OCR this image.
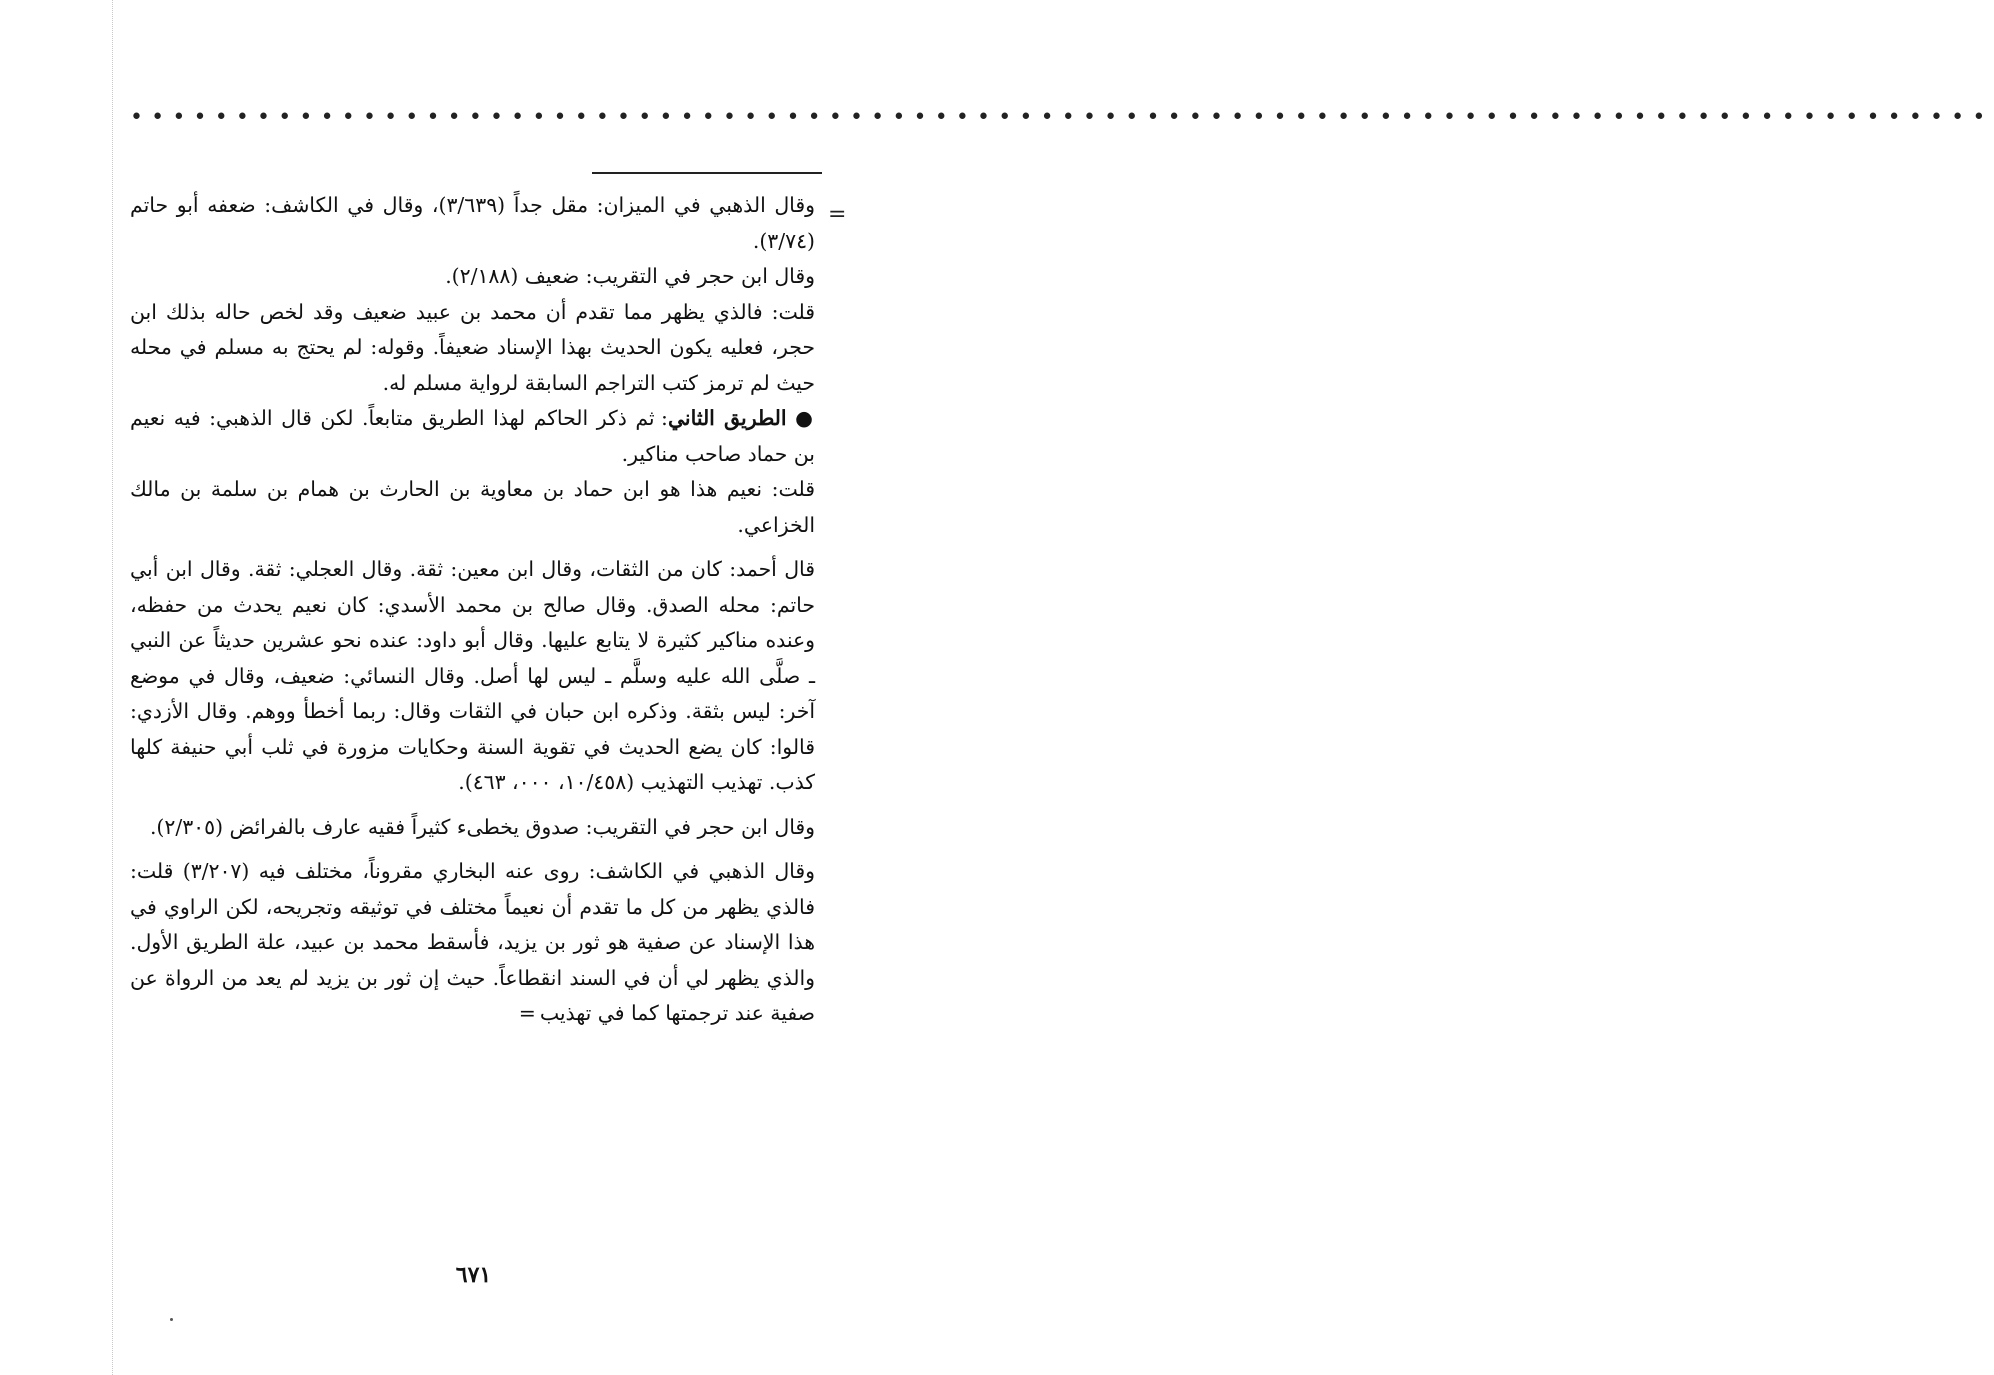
••••••••••••••••••••••••••••••••••••••••••••••••••••••••••••••••••••••••••••••••••••••••
=

وقال الذهبي في الميزان: مقل جداً (٣/٦٣٩)، وقال في الكاشف: ضعفه أبو حاتم (٣/٧٤).

وقال ابن حجر في التقريب: ضعيف (٢/١٨٨).

قلت: فالذي يظهر مما تقدم أن محمد بن عبيد ضعيف وقد لخص حاله بذلك ابن حجر، فعليه يكون الحديث بهذا الإسناد ضعيفاً. وقوله: لم يحتج به مسلم في محله حيث لم ترمز كتب التراجم السابقة لرواية مسلم له.

● الطريق الثاني: ثم ذكر الحاكم لهذا الطريق متابعاً. لكن قال الذهبي: فيه نعيم بن حماد صاحب مناكير.

قلت: نعيم هذا هو ابن حماد بن معاوية بن الحارث بن همام بن سلمة بن مالك الخزاعي.

قال أحمد: كان من الثقات، وقال ابن معين: ثقة. وقال العجلي: ثقة. وقال ابن أبي حاتم: محله الصدق. وقال صالح بن محمد الأسدي: كان نعيم يحدث من حفظه، وعنده مناكير كثيرة لا يتابع عليها. وقال أبو داود: عنده نحو عشرين حديثاً عن النبي ـ صلَّى الله عليه وسلَّم ـ ليس لها أصل. وقال النسائي: ضعيف، وقال في موضع آخر: ليس بثقة. وذكره ابن حبان في الثقات وقال: ربما أخطأ ووهم. وقال الأزدي: قالوا: كان يضع الحديث في تقوية السنة وحكايات مزورة في ثلب أبي حنيفة كلها كذب. تهذيب التهذيب (١٠/٤٥٨، ٠٠٠، ٤٦٣).

وقال ابن حجر في التقريب: صدوق يخطىء كثيراً فقيه عارف بالفرائض (٢/٣٠٥).

وقال الذهبي في الكاشف: روى عنه البخاري مقروناً، مختلف فيه (٣/٢٠٧) قلت: فالذي يظهر من كل ما تقدم أن نعيماً مختلف في توثيقه وتجريحه، لكن الراوي في هذا الإسناد عن صفية هو ثور بن يزيد، فأسقط محمد بن عبيد، علة الطريق الأول. والذي يظهر لي أن في السند انقطاعاً. حيث إن ثور بن يزيد لم يعد من الرواة عن صفية عند ترجمتها كما في تهذيب=

٦٧١
